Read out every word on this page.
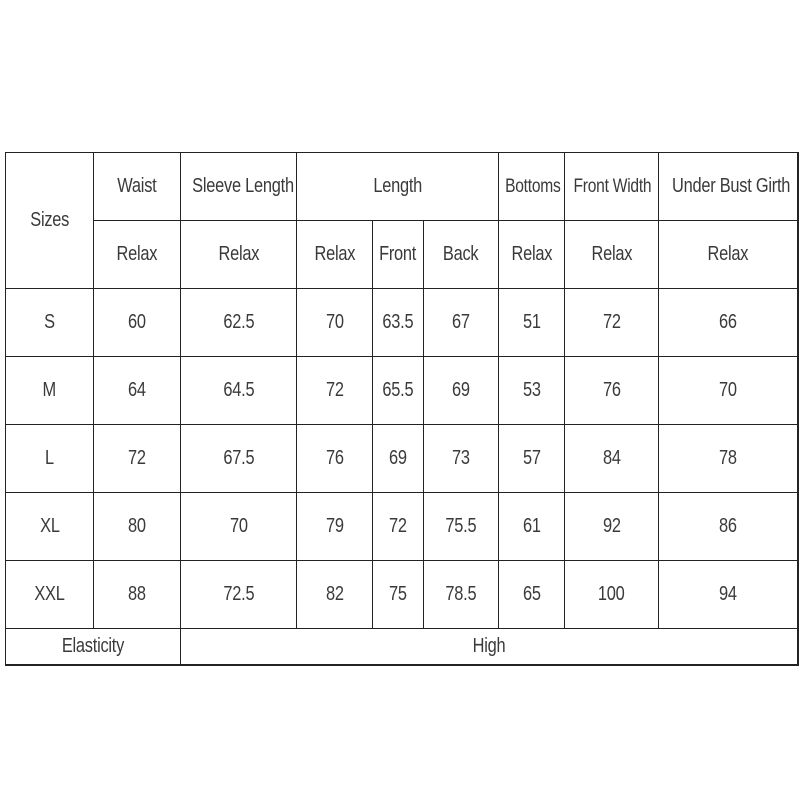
Sizes	Waist	Sleeve Length	Length			Bottoms	Front Width	Under Bust Girth
	Relax	Relax	Relax	Front	Back	Relax	Relax	Relax
S	60	62.5	70	63.5	67	51	72	66
M	64	64.5	72	65.5	69	53	76	70
L	72	67.5	76	69	73	57	84	78
XL	80	70	79	72	75.5	61	92	86
XXL	88	72.5	82	75	78.5	65	100	94
Elasticity		High						
